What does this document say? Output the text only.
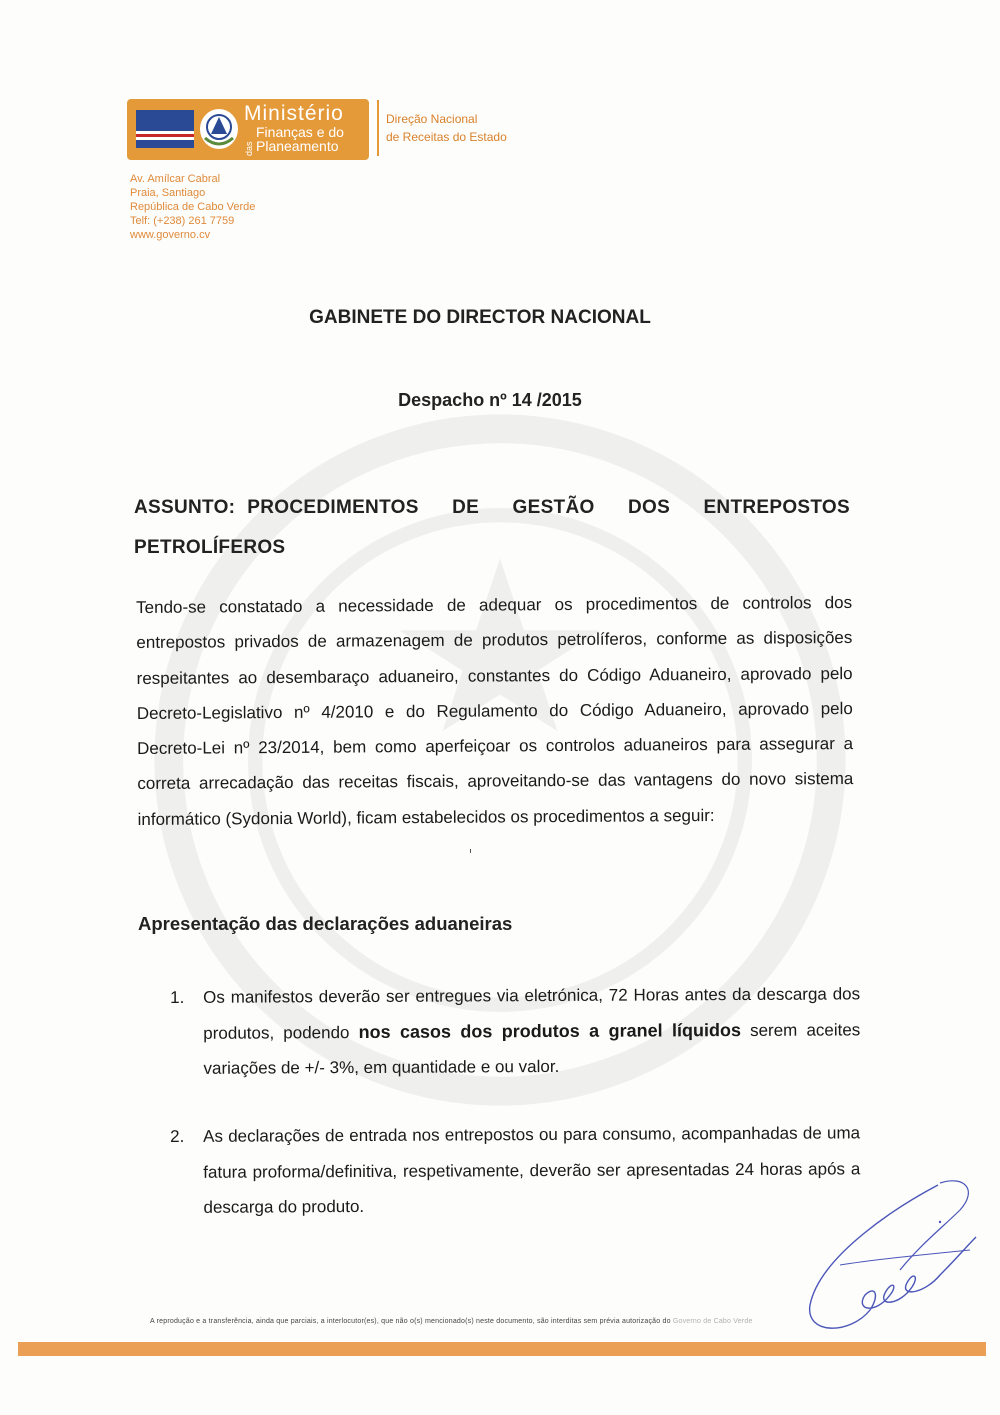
Ministério
das
Finanças e do
Planeamento
Direção Nacional
de Receitas do Estado
Av. Amílcar Cabral
Praia, Santiago
República de Cabo Verde
Telf: (+238) 261 7759
www.governo.cv
GABINETE DO DIRECTOR NACIONAL
Despacho nº 14 /2015
ASSUNTO: PROCEDIMENTOS DE GESTÃO DOS ENTREPOSTOS PETROLÍFEROS
Tendo-se constatado a necessidade de adequar os procedimentos de controlos dos entrepostos privados de armazenagem de produtos petrolíferos, conforme as disposições respeitantes ao desembaraço aduaneiro, constantes do Código Aduaneiro, aprovado pelo Decreto-Legislativo nº 4/2010 e do Regulamento do Código Aduaneiro, aprovado pelo Decreto-Lei nº 23/2014, bem como aperfeiçoar os controlos aduaneiros para assegurar a correta arrecadação das receitas fiscais, aproveitando-se das vantagens do novo sistema informático (Sydonia World), ficam estabelecidos os procedimentos a seguir:
Apresentação das declarações aduaneiras
1.	Os manifestos deverão ser entregues via eletrónica, 72 Horas antes da descarga dos produtos, podendo nos casos dos produtos a granel líquidos serem aceites variações de +/- 3%, em quantidade e ou valor.
2.	As declarações de entrada nos entrepostos ou para consumo, acompanhadas de uma fatura proforma/definitiva, respetivamente, deverão ser apresentadas 24 horas após a descarga do produto.
A reprodução e a transferência, ainda que parciais, a interlocutor(es), que não o(s) mencionado(s) neste documento, são interditas sem prévia autorização do Governo de Cabo Verde
